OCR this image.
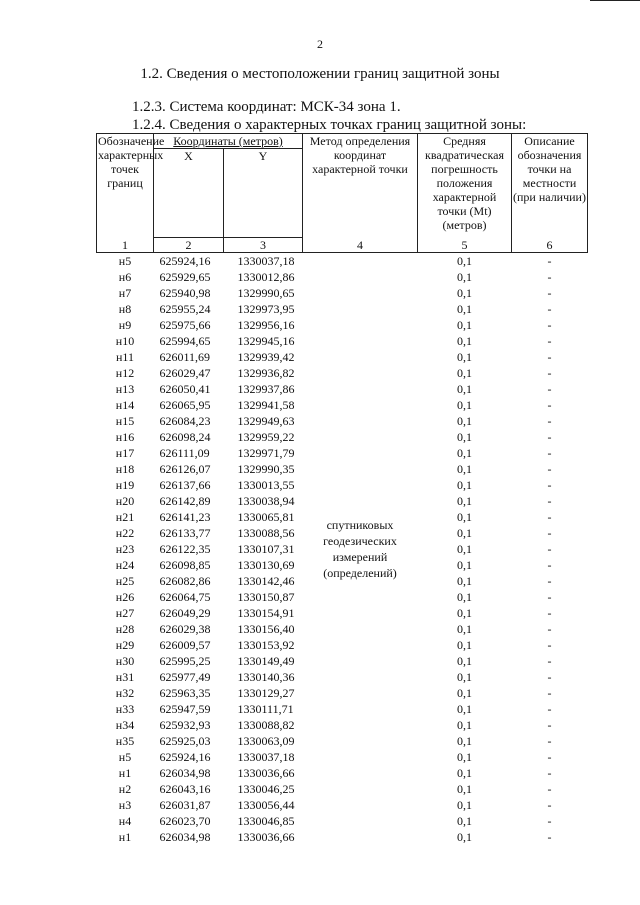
2
1.2. Сведения о местоположении границ защитной зоны
1.2.3. Система координат: МСК-34 зона 1.
1.2.4. Сведения о характерных точках границ защитной зоны:
Обозначение характерных точек границ	Координаты (метров)		Метод определения координат характерной точки	Средняя квадратическая погрешность положения характерной точки (Mt) (метров)	Описание обозначения точки на местности (при наличии)
	X	Y			
1	2	3	4	5	6
н5	625924,16	1330037,18	спутниковых геодезических измерений (определений)	0,1	-
н6	625929,65	1330012,86		0,1	-
н7	625940,98	1329990,65		0,1	-
н8	625955,24	1329973,95		0,1	-
н9	625975,66	1329956,16		0,1	-
н10	625994,65	1329945,16		0,1	-
н11	626011,69	1329939,42		0,1	-
н12	626029,47	1329936,82		0,1	-
н13	626050,41	1329937,86		0,1	-
н14	626065,95	1329941,58		0,1	-
н15	626084,23	1329949,63		0,1	-
н16	626098,24	1329959,22		0,1	-
н17	626111,09	1329971,79		0,1	-
н18	626126,07	1329990,35		0,1	-
н19	626137,66	1330013,55		0,1	-
н20	626142,89	1330038,94		0,1	-
н21	626141,23	1330065,81		0,1	-
н22	626133,77	1330088,56		0,1	-
н23	626122,35	1330107,31		0,1	-
н24	626098,85	1330130,69		0,1	-
н25	626082,86	1330142,46		0,1	-
н26	626064,75	1330150,87		0,1	-
н27	626049,29	1330154,91		0,1	-
н28	626029,38	1330156,40		0,1	-
н29	626009,57	1330153,92		0,1	-
н30	625995,25	1330149,49		0,1	-
н31	625977,49	1330140,36		0,1	-
н32	625963,35	1330129,27		0,1	-
н33	625947,59	1330111,71		0,1	-
н34	625932,93	1330088,82		0,1	-
н35	625925,03	1330063,09		0,1	-
н5	625924,16	1330037,18		0,1	-
н1	626034,98	1330036,66		0,1	-
н2	626043,16	1330046,25		0,1	-
н3	626031,87	1330056,44		0,1	-
н4	626023,70	1330046,85		0,1	-
н1	626034,98	1330036,66		0,1	-
